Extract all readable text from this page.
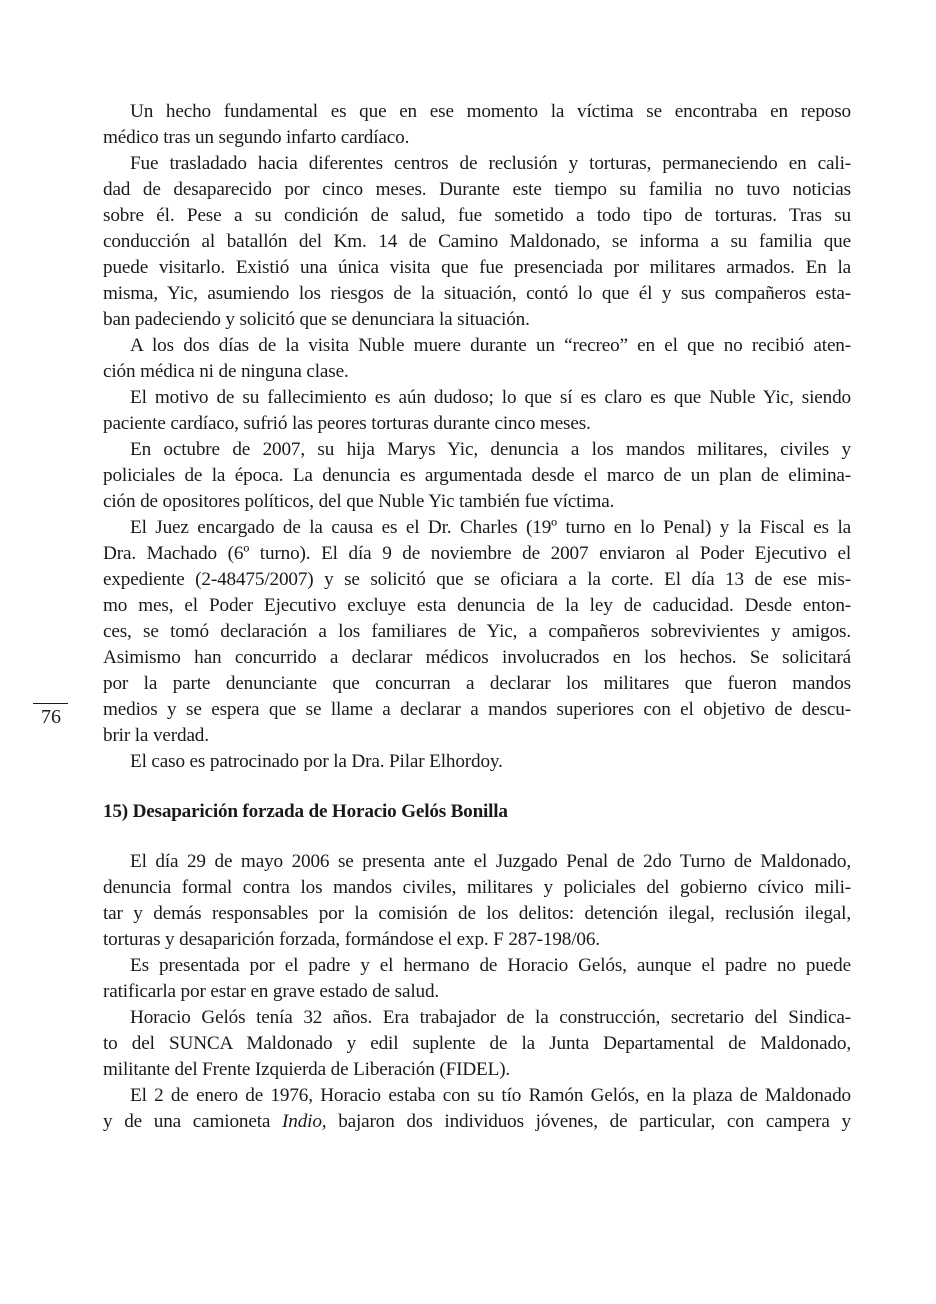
76
Un hecho fundamental es que en ese momento la víctima se encontraba en reposo
médico tras un segundo infarto cardíaco.
Fue trasladado hacia diferentes centros de reclusión y torturas, permaneciendo en cali-
dad de desaparecido por cinco meses. Durante este tiempo su familia no tuvo noticias
sobre él. Pese a su condición de salud, fue sometido a todo tipo de torturas. Tras su
conducción al batallón del Km. 14 de Camino Maldonado, se informa a su familia que
puede visitarlo. Existió una única visita que fue presenciada por militares armados. En la
misma, Yic, asumiendo los riesgos de la situación, contó lo que él y sus compañeros esta-
ban padeciendo y solicitó que se denunciara la situación.
A los dos días de la visita Nuble muere durante un “recreo” en el que no recibió aten-
ción médica ni de ninguna clase.
El motivo de su fallecimiento es aún dudoso; lo que sí es claro es que Nuble Yic, siendo
paciente cardíaco, sufrió las peores torturas durante cinco meses.
En octubre de 2007, su hija Marys Yic, denuncia a los mandos militares, civiles y
policiales de la época. La denuncia es argumentada desde el marco de un plan de elimina-
ción de opositores políticos, del que Nuble Yic también fue víctima.
El Juez encargado de la causa es el Dr. Charles (19º turno en lo Penal) y la Fiscal es la
Dra. Machado (6º turno). El día 9 de noviembre de 2007 enviaron al Poder Ejecutivo el
expediente (2-48475/2007) y se solicitó que se oficiara a la corte. El día 13 de ese mis-
mo mes, el Poder Ejecutivo excluye esta denuncia de la ley de caducidad. Desde enton-
ces, se tomó declaración a los familiares de Yic, a compañeros sobrevivientes y amigos.
Asimismo han concurrido a declarar médicos involucrados en los hechos. Se solicitará
por la parte denunciante que concurran a declarar los militares que fueron mandos
medios y se espera que se llame a declarar a mandos superiores con el objetivo de descu-
brir la verdad.
El caso es patrocinado por la Dra. Pilar Elhordoy.
15) Desaparición forzada de Horacio Gelós Bonilla
El día 29 de mayo 2006 se presenta ante el Juzgado Penal de 2do Turno de Maldonado,
denuncia formal contra los mandos civiles, militares y policiales del gobierno cívico mili-
tar y demás responsables por la comisión de los delitos: detención ilegal, reclusión ilegal,
torturas y desaparición forzada, formándose el exp. F 287-198/06.
Es presentada por el padre y el hermano de Horacio Gelós, aunque el padre no puede
ratificarla por estar en grave estado de salud.
Horacio Gelós tenía 32 años. Era trabajador de la construcción, secretario del Sindica-
to del SUNCA Maldonado y edil suplente de la Junta Departamental de Maldonado,
militante del Frente Izquierda de Liberación (FIDEL).
El 2 de enero de 1976, Horacio estaba con su tío Ramón Gelós, en la plaza de Maldonado
y de una camioneta Indio, bajaron dos individuos jóvenes, de particular, con campera y
